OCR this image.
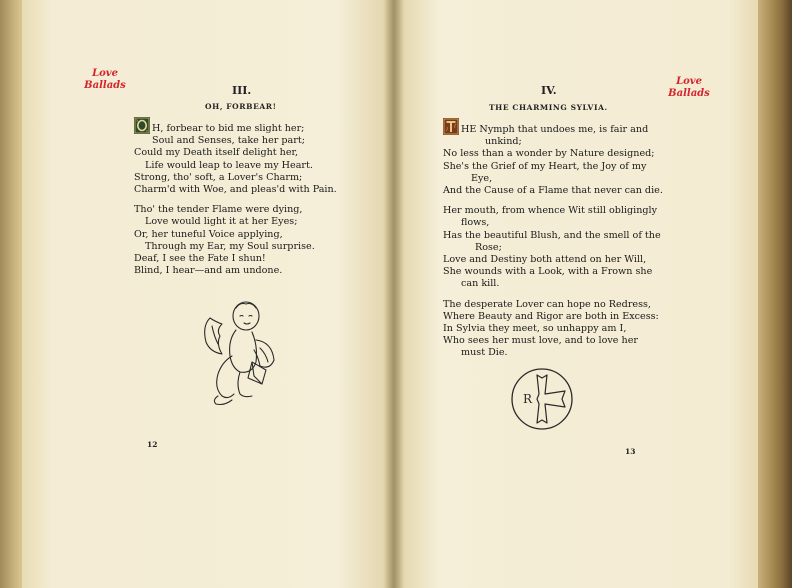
Love
Ballads	Love
Ballads
III.
OH, FORBEAR!
H, forbear to bid me slight her;
Soul and Senses, take her part;
Could my Death itself delight her,
Life would leap to leave my Heart.
Strong, tho' soft, a Lover's Charm;
Charm'd with Woe, and pleas'd with Pain.
Tho' the tender Flame were dying,
Love would light it at her Eyes;
Or, her tuneful Voice applying,
Through my Ear, my Soul surprise.
Deaf, I see the Fate I shun!
Blind, I hear—and am undone.
12
IV.
THE CHARMING SYLVIA.
HE Nymph that undoes me, is fair and
unkind;
No less than a wonder by Nature designed;
She's the Grief of my Heart, the Joy of my
Eye,
And the Cause of a Flame that never can die.
Her mouth, from whence Wit still obligingly
flows,
Has the beautiful Blush, and the smell of the
Rose;
Love and Destiny both attend on her Will,
She wounds with a Look, with a Frown she
can kill.
The desperate Lover can hope no Redress,
Where Beauty and Rigor are both in Excess:
In Sylvia they meet, so unhappy am I,
Who sees her must love, and to love her
must Die.
R
13
